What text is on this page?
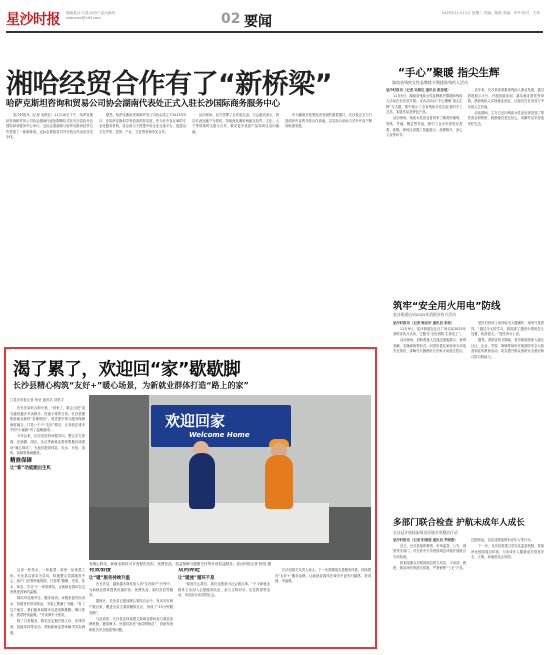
星沙时报 湖南星沙·与星沙同行 星沙新闻 xsbnews@163.com	02 要闻
2025年11月11日 星期二 责编：陈凯 美编：李丹 校对：王琦
湘哈经贸合作有了“新桥梁”
哈萨克斯坦咨询和贸易公司协会湖南代表处正式入驻长沙国际商务服务中心

星沙时报讯（记者 吴树红）11月10日下午，哈萨克斯坦咨询和贸易公司协会湖南代表处揭牌仪式在长沙县经开区国际商务服务中心举行。这标志着湖南与哈萨克斯坦经贸合作搭建了一座新桥梁，也标志着我县对外开放合作迈出坚实步伐。

据悉，哈萨克斯坦咨询和贸易公司协会成立于2015年5月，在哈萨克斯坦享有较高的知名度。作为在中亚区域的专业化服务机构，协会致力于搭建中哈企业交流平台，促进双方在贸易、投资、产业、文化等领域务实合作。

活动现场，双方签署了合作备忘录。与会嘉宾表示，将以代表处落户为契机，持续深化湘哈两地在经贸、文化、人才等领域的交流与合作，推动更多优质产品和项目双向落地。

作为湖南开放型经济发展的重要窗口，长沙县正全力打造面向中亚的开放合作高地，以实际行动助力对外开放不断向纵深发展。

“手心”聚暖 指尖生辉
湖南省残疾女性品牌推介暨援助残疾人活动

星沙时报讯（记者 吴树红 通讯员 彭思瑶）

11月9日，湖南省残疾女性品牌推介暨援助残疾人活动在长沙县开幕。本次活动以“手心聚暖 指尖生辉”为主题，集中展示了全省残疾女性创业者的手工艺品、非遗作品及特色产品。

活动现场，残疾女性创业者带来了精美的湘绣、剪纸、竹编、陶艺等作品，吸引了众多市民驻足观看、选购。现场还设置了技能展示、品牌推介、爱心义卖等环节。

近年来，长沙县高度重视残疾人事业发展，通过搭建展示平台、开展技能培训、落实就业帮扶等举措，帮助残疾人实现就业创业，让他们在自食其力中实现人生价值。

活动期间，主办方还向残疾女性创业者发放了帮扶资金和物资，鼓励她们坚定信心，用勤劳双手创造美好生活。

渴了累了，欢迎回“家”歇歇脚
长沙县精心构筑“友好+”暖心场景，为新就业群体打造“路上的家”

□星沙时报记者 杨莹 通讯员 刘思宇

在长沙县的大街小巷，“到家了，歇会儿吧”成为越来越多外卖骑手、快递小哥的日常。长沙县聚焦新就业群体“急难愁盼”，将党建引领与服务保障深度融合，打造一个个“友好”驿站，让奔波在城市中的“小蜜蜂”有了温暖港湾。

今年以来，长沙县坚持问题导向，整合各方资源，在商圈、园区、社区等新就业群体集聚区域建设“暖心驿站”，为他们提供休息、饮水、充电、加热、如厕等基础服务。

精准保障
让“新”动能跑出生机
欢迎回家
Welcome Home
有暖心驿站，新就业群体可享受餐饮折扣、免费饮品、权益保障与健康关怀等多项权益服务。星沙时报记者 杨莹 摄

这里一杯热水，一张板凳；那里一处休憩之所。长沙县以需求为导向，积极整合党群服务中心、商户门店等阵地资源，打造集“歇脚、充电、饮水、休息、学习”于一体的驿站，让新就业群体在这里感受到家的温暖。

驿站内设施齐全，服务周到。冰箱里备有饮用水，药箱里有常用药品，书架上摆满了书籍。“有了这个地方，我们跑单间隙可以进来歇歇脚，喝口热水，感觉特别温暖。”外卖骑手小张说。

除了日常服务，驿站还定期开展义诊、法律咨询、技能培训等活动，帮助新就业群体解决实际困难。

有效衔接
让“暖”服务持续升温

在长沙县，越来越多商家加入到“友好商户”行列中，为新就业群体提供优惠折扣、免费饮品、临时存放等服务。

据统计，长沙县已建成暖心驿站百余个，发动友好商户数百家，覆盖全县主要商圈和社区，形成了“15分钟服务圈”。

与此同时，长沙县还探索建立新就业群体参与基层治理机制，邀请骑手、快递员担任“流动网格员”，协助发现和报告安全隐患等问题。

双向奔赴
让“暖流”循环不息

“政府关心我们，我们也愿意为社会做点事。”不少新就业群体主动加入志愿服务队伍，参与文明劝导、应急救援等活动，用实际行动回馈社会。

长沙县相关负责人表示，下一步将继续完善服务体系，持续擦亮“友好+”服务品牌，让新就业群体在城市中更有归属感、获得感、幸福感。

筑牢“安全用火用电”防线
星沙街道启动2025年消防宣传月活动

星沙时报讯（记者 韩东轩 通讯员 李亮）

11月9日，星沙街道在社区广场启动2025年消防宣传月活动，主题为“全民消防 生命至上”。

活动现场，消防救援人员通过展板展示、案例讲解、实操演练等形式，向居民普及家庭用火用电安全知识，讲解灭火器使用方法和火场逃生技巧。

居民们纷纷上前体验灭火器操作，现场气氛热烈。“通过今天的学习，我知道了遇到火情该怎么处置，收获很大。”居民李女士说。

据悉，消防宣传月期间，星沙街道将深入辖区社区、企业、学校、商铺等场所开展消防安全大检查和宣传教育活动，切实提升群众消防安全意识和自防自救能力。

多部门联合检查 护航未成年人成长
长沙县开展校园周边环境专项整治行动

星沙时报讯（记者 阳瑶瑶 通讯员 罗晓燕）

近日，长沙县组织教育、市场监管、公安、城管等多部门，对全县中小学校园周边环境开展联合专项检查。

检查组重点对校园周边的文具店、小卖部、网吧、娱乐场所等进行排查，严查销售“三无”产品、过期食品，以及违规接纳未成年人等行为。

下一步，长沙县将建立常态化监管机制，持续净化校园周边环境，为未成年人健康成长营造安全、文明、和谐的社会氛围。
